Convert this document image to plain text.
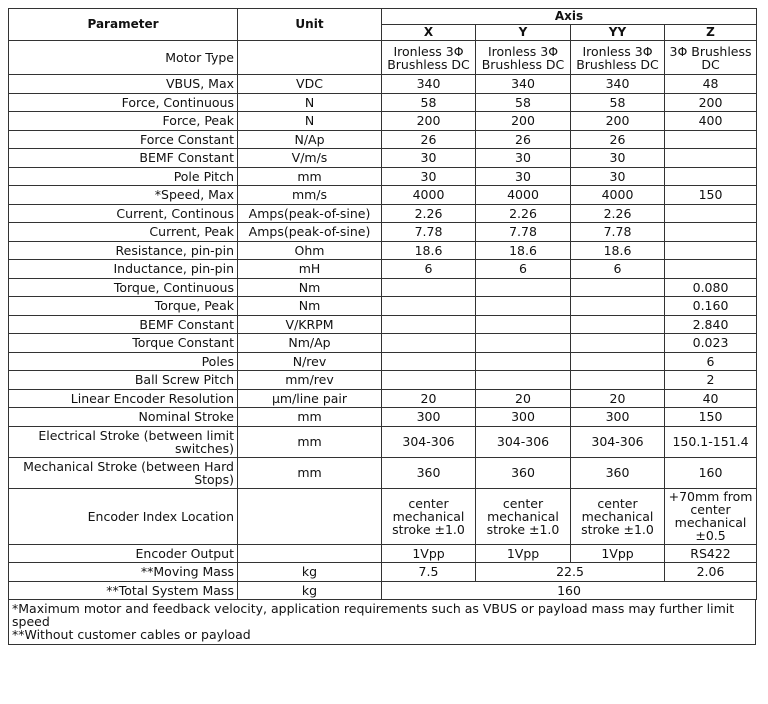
Parameter	Unit	Axis			
		X	Y	YY	Z
Motor Type		Ironless 3Φ Brushless DC	Ironless 3Φ Brushless DC	Ironless 3Φ Brushless DC	3Φ Brushless DC
VBUS, Max	VDC	340	340	340	48
Force, Continuous	N	58	58	58	200
Force, Peak	N	200	200	200	400
Force Constant	N/Ap	26	26	26	
BEMF Constant	V/m/s	30	30	30	
Pole Pitch	mm	30	30	30	
*Speed, Max	mm/s	4000	4000	4000	150
Current, Continous	Amps(peak-of-sine)	2.26	2.26	2.26	
Current, Peak	Amps(peak-of-sine)	7.78	7.78	7.78	
Resistance, pin-pin	Ohm	18.6	18.6	18.6	
Inductance, pin-pin	mH	6	6	6	
Torque, Continuous	Nm				0.080
Torque, Peak	Nm				0.160
BEMF Constant	V/KRPM				2.840
Torque Constant	Nm/Ap				0.023
Poles	N/rev				6
Ball Screw Pitch	mm/rev				2
Linear Encoder Resolution	μm/line pair	20	20	20	40
Nominal Stroke	mm	300	300	300	150
Electrical Stroke (between limit switches)	mm	304-306	304-306	304-306	150.1-151.4
Mechanical Stroke (between Hard Stops)	mm	360	360	360	160
Encoder Index Location		center mechanical stroke ±1.0	center mechanical stroke ±1.0	center mechanical stroke ±1.0	+70mm from center mechanical ±0.5
Encoder Output		1Vpp	1Vpp	1Vpp	RS422
**Moving Mass	kg	7.5	22.5		2.06
**Total System Mass	kg	160			
*Maximum motor and feedback velocity, application requirements such as VBUS or payload mass may further limit speed
**Without customer cables or payload
